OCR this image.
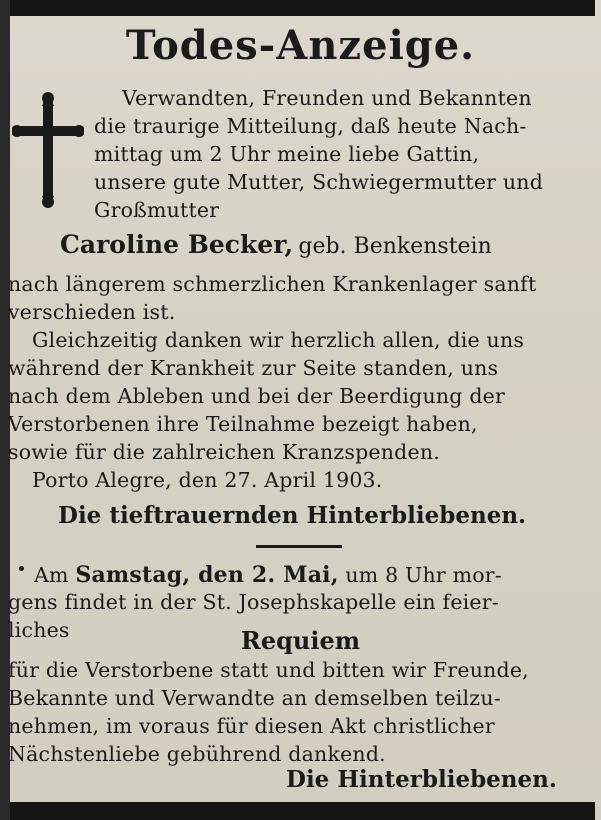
Todes-Anzeige.
Verwandten, Freunden und Bekannten
die traurige Mitteilung, daß heute Nach-
mittag um 2 Uhr meine liebe Gattin,
unsere gute Mutter, Schwiegermutter und
Großmutter
Caroline Becker, geb. Benkenstein
nach längerem schmerzlichen Krankenlager sanft
verschieden ist.
Gleichzeitig danken wir herzlich allen, die uns
während der Krankheit zur Seite standen, uns
nach dem Ableben und bei der Beerdigung der
Verstorbenen ihre Teilnahme bezeigt haben,
sowie für die zahlreichen Kranzspenden.
Porto Alegre, den 27. April 1903.
Die tieftrauernden Hinterbliebenen.
Am Samstag, den 2. Mai, um 8 Uhr mor-
gens findet in der St. Josephskapelle ein feier-
liches	Requiem
für die Verstorbene statt und bitten wir Freunde,
Bekannte und Verwandte an demselben teilzu-
nehmen, im voraus für diesen Akt christlicher
Nächstenliebe gebührend dankend.
Die Hinterbliebenen.
